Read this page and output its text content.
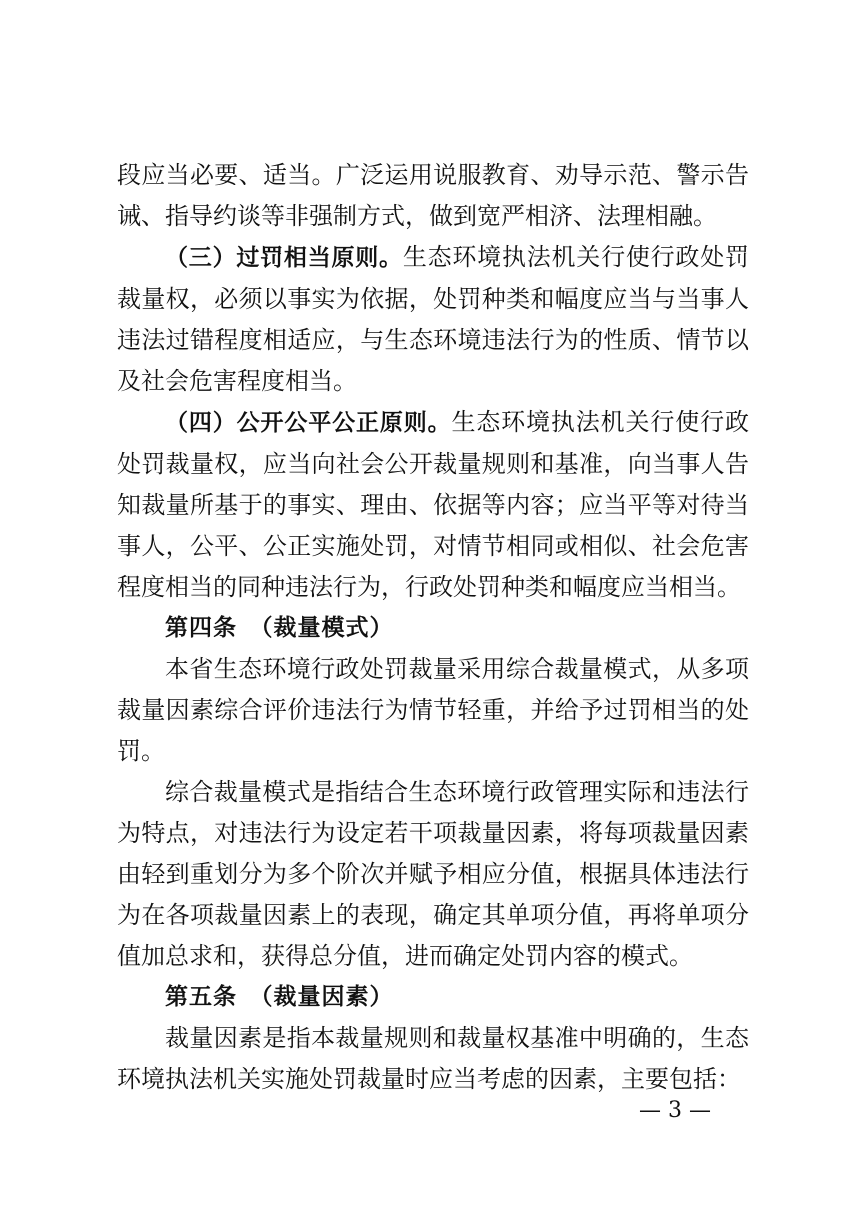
段应当必要、适当。广泛运用说服教育、劝导示范、警示告诫、指导约谈等非强制方式，做到宽严相济、法理相融。

（三）过罚相当原则。生态环境执法机关行使行政处罚裁量权，必须以事实为依据，处罚种类和幅度应当与当事人违法过错程度相适应，与生态环境违法行为的性质、情节以及社会危害程度相当。

（四）公开公平公正原则。生态环境执法机关行使行政处罚裁量权，应当向社会公开裁量规则和基准，向当事人告知裁量所基于的事实、理由、依据等内容；应当平等对待当事人，公平、公正实施处罚，对情节相同或相似、社会危害程度相当的同种违法行为，行政处罚种类和幅度应当相当。

第四条　（裁量模式）

本省生态环境行政处罚裁量采用综合裁量模式，从多项裁量因素综合评价违法行为情节轻重，并给予过罚相当的处罚。

综合裁量模式是指结合生态环境行政管理实际和违法行为特点，对违法行为设定若干项裁量因素，将每项裁量因素由轻到重划分为多个阶次并赋予相应分值，根据具体违法行为在各项裁量因素上的表现，确定其单项分值，再将单项分值加总求和，获得总分值，进而确定处罚内容的模式。

第五条　（裁量因素）

裁量因素是指本裁量规则和裁量权基准中明确的，生态环境执法机关实施处罚裁量时应当考虑的因素，主要包括：

— 3 —
